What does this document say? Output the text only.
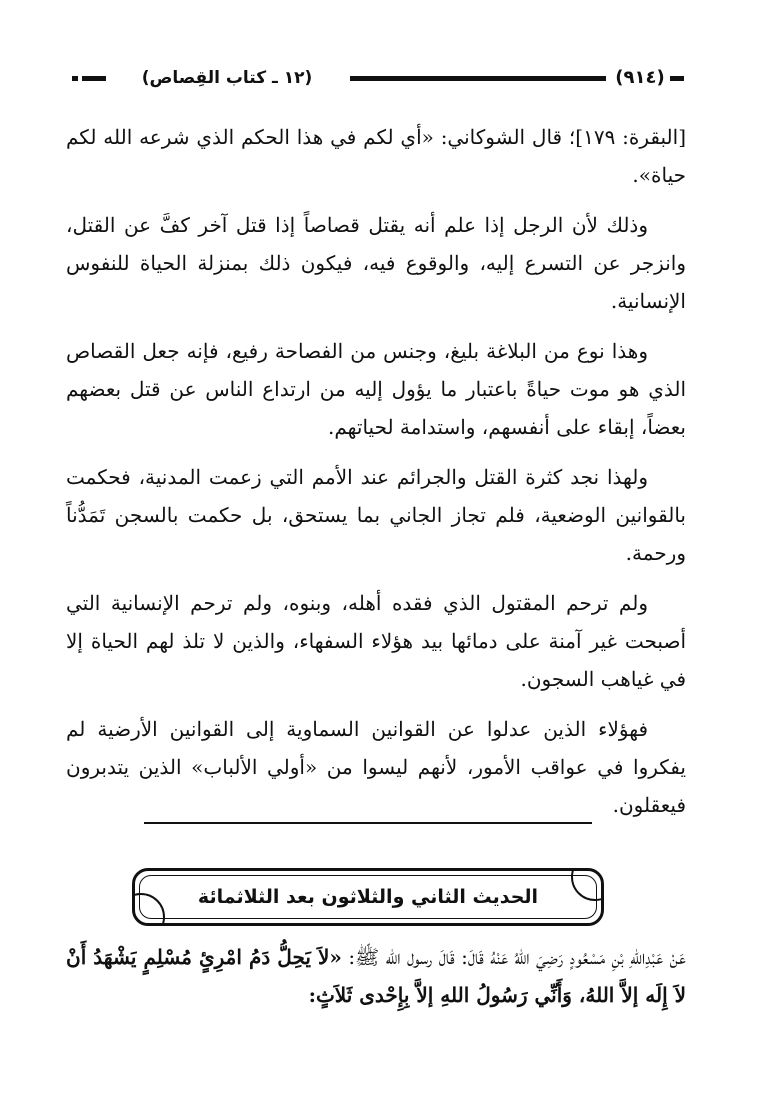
(١٢ ـ كتاب القِصاص)	(٩١٤)

[البقرة: ١٧٩]؛ قال الشوكاني: «أي لكم في هذا الحكم الذي شرعه الله لكم حياة».

وذلك لأن الرجل إذا علم أنه يقتل قصاصاً إذا قتل آخر كفَّ عن القتل، وانزجر عن التسرع إليه، والوقوع فيه، فيكون ذلك بمنزلة الحياة للنفوس الإنسانية.

وهذا نوع من البلاغة بليغ، وجنس من الفصاحة رفيع، فإنه جعل القصاص الذي هو موت حياةً باعتبار ما يؤول إليه من ارتداع الناس عن قتل بعضهم بعضاً، إبقاء على أنفسهم، واستدامة لحياتهم.

ولهذا نجد كثرة القتل والجرائم عند الأمم التي زعمت المدنية، فحكمت بالقوانين الوضعية، فلم تجاز الجاني بما يستحق، بل حكمت بالسجن تَمَدُّناً ورحمة.

ولم ترحم المقتول الذي فقده أهله، وبنوه، ولم ترحم الإنسانية التي أصبحت غير آمنة على دمائها بيد هؤلاء السفهاء، والذين لا تلذ لهم الحياة إلا في غياهب السجون.

فهؤلاء الذين عدلوا عن القوانين السماوية إلى القوانين الأرضية لم يفكروا في عواقب الأمور، لأنهم ليسوا من «أولي الألباب» الذين يتدبرون فيعقلون.

الحديث الثاني والثلاثون بعد الثلاثمائة

عَنْ عَبْدِاللهِ بْنِ مَسْعُودٍ رَضِيَ اللهُ عَنْهُ قَالَ: قَالَ رسول الله ﷺ: «لاَ يَحِلُّ دَمُ امْرِئٍ مُسْلِمٍ يَشْهَدُ أَنْ لاَ إِلَه إلاَّ اللهُ، وَأَنِّي رَسُولُ اللهِ إلاَّ بِإِحْدى ثَلاَثٍ:
